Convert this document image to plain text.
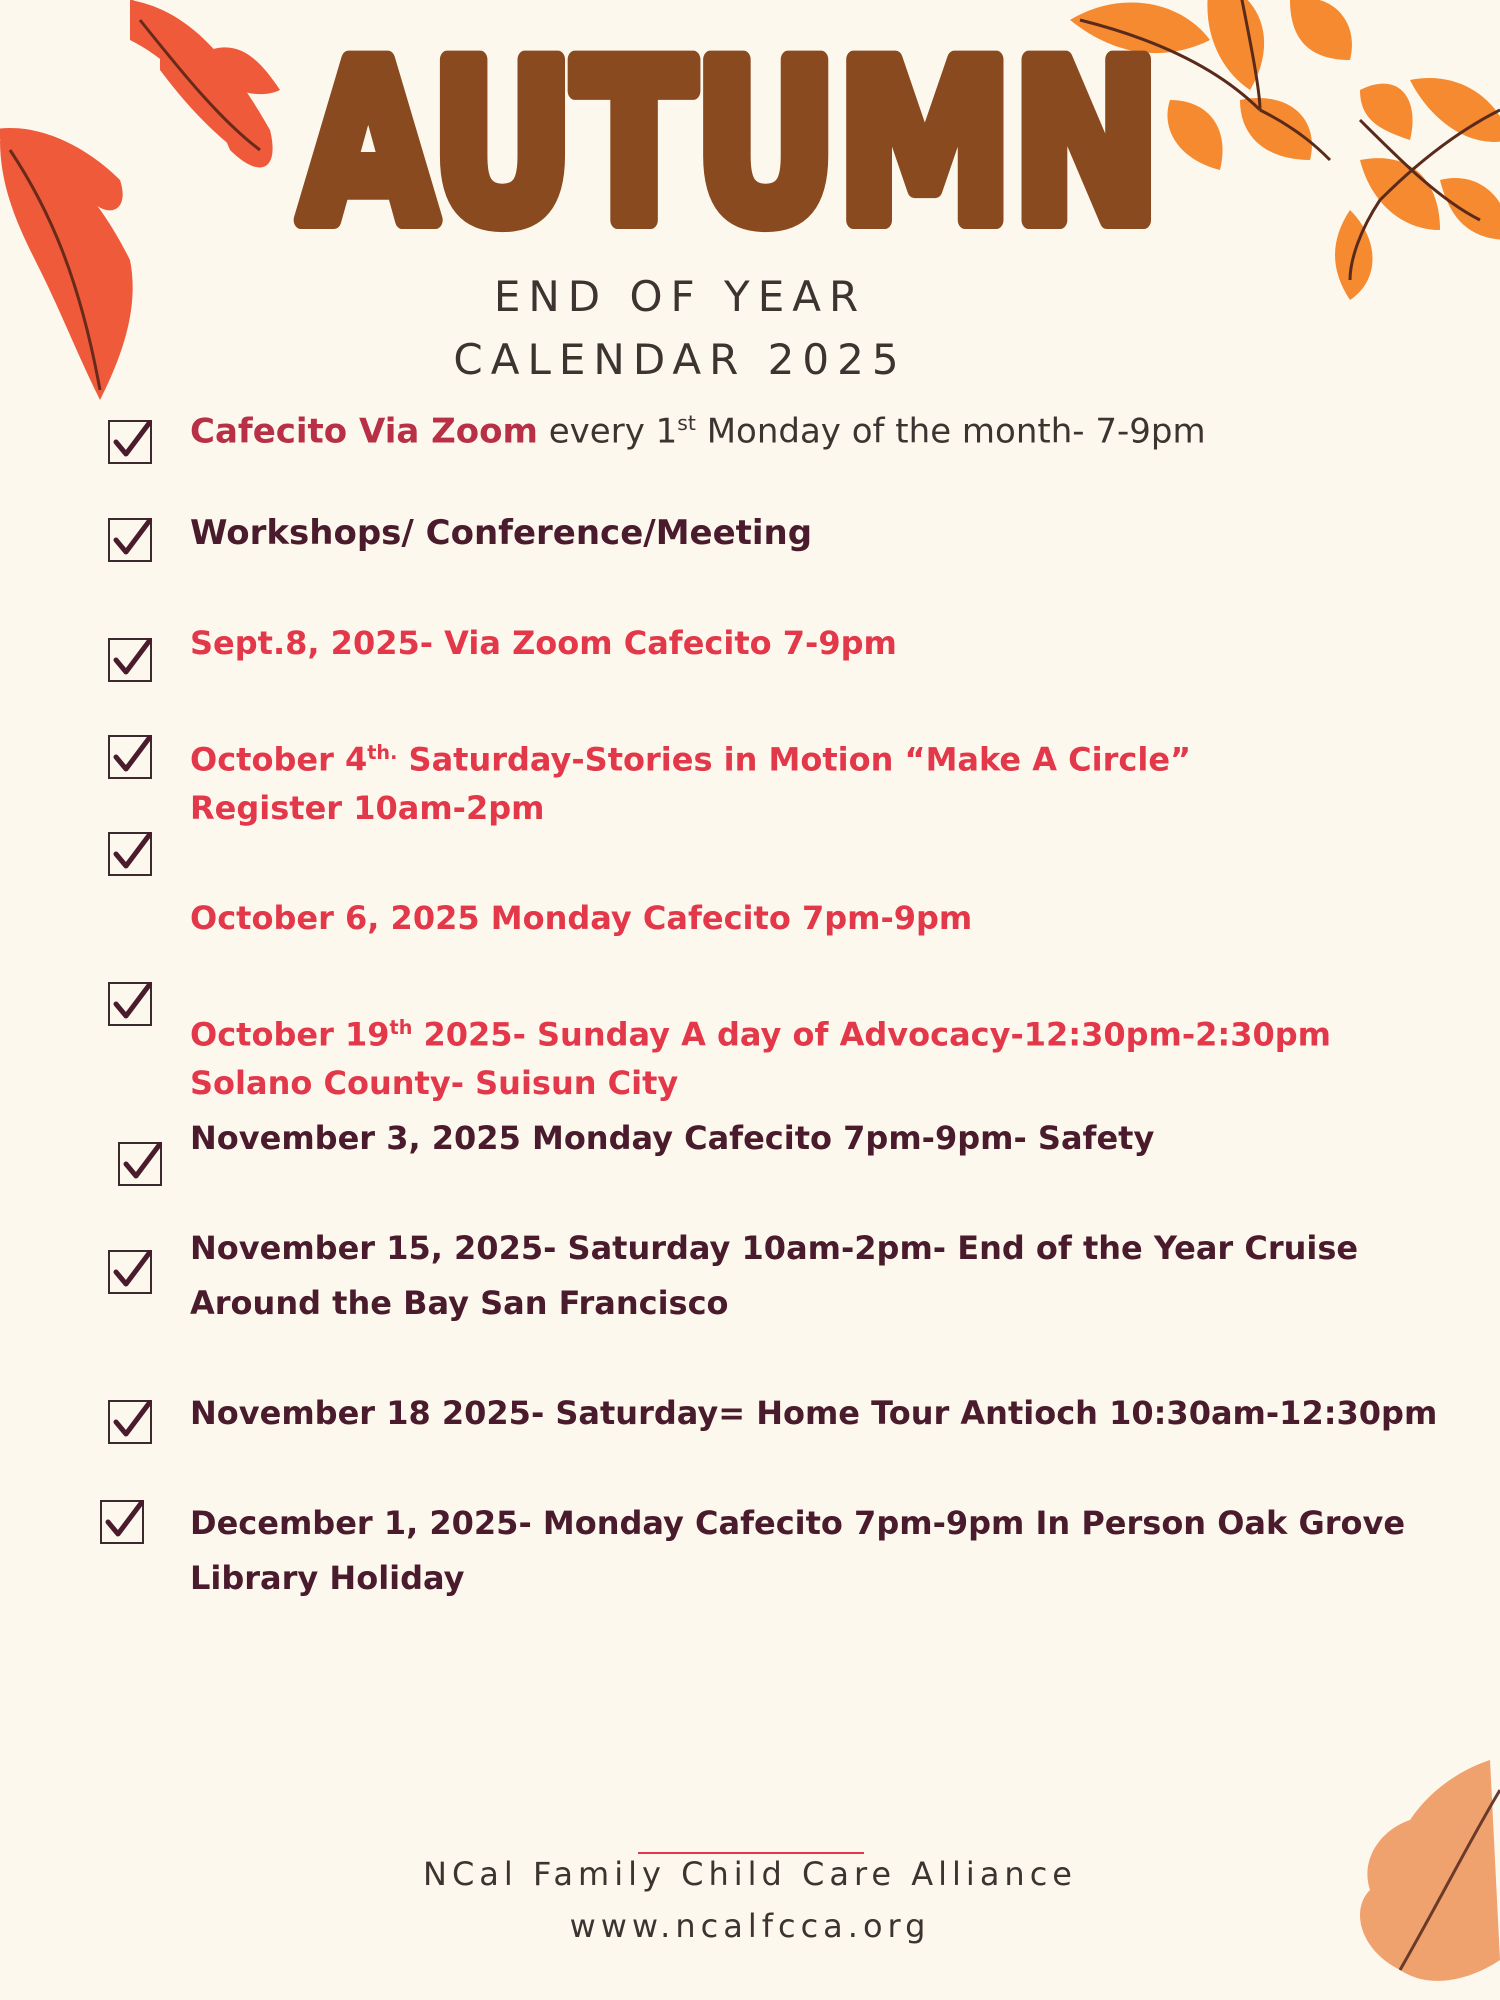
AUTUMN
END OF YEAR
CALENDAR 2025
Cafecito Via Zoom every 1st Monday of the month- 7-9pm
Workshops/ Conference/Meeting
Sept.8, 2025- Via Zoom Cafecito 7-9pm
October $4^{th.}$ Saturday-Stories in Motion “Make A Circle”
Register 10am-2pm
October 6, 2025 Monday Cafecito 7pm-9pm
October 19th 2025- Sunday A day of Advocacy-12:30pm-2:30pm
Solano County- Suisun City
November 3, 2025 Monday Cafecito 7pm-9pm- Safety
November 15, 2025- Saturday 10am-2pm- End of the Year Cruise
Around the Bay San Francisco
November 18 2025- Saturday= Home Tour Antioch 10:30am-12:30pm
December 1, 2025- Monday Cafecito 7pm-9pm In Person Oak Grove
Library Holiday
NCal Family Child Care Alliance
www.ncalfcca.org
